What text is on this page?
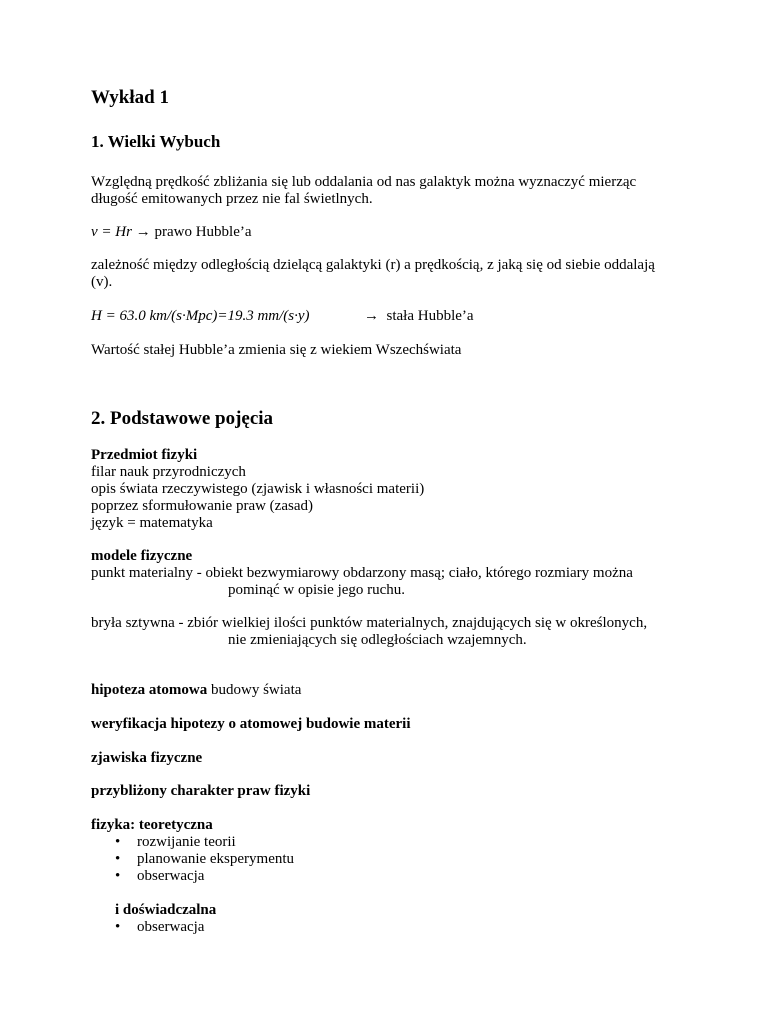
Wykład 1
1. Wielki Wybuch

Względną prędkość zbliżania się lub oddalania od nas galaktyk można wyznaczyć mierząc

długość emitowanych przez nie fal świetlnych.

v = Hr → prawo Hubble’a

zależność między odległością dzielącą galaktyki (r) a prędkością, z jaką się od siebie oddalają

(v).

H = 63.0 km/(s·Mpc)=19.3 mm/(s·y)	→ stała Hubble’a

Wartość stałej Hubble’a zmienia się z wiekiem Wszechświata

2. Podstawowe pojęcia

Przedmiot fizyki

filar nauk przyrodniczych

opis świata rzeczywistego (zjawisk i własności materii)

poprzez sformułowanie praw (zasad)

język = matematyka

modele fizyczne

punkt materialny - obiekt bezwymiarowy obdarzony masą; ciało, którego rozmiary można

pominąć w opisie jego ruchu.

bryła sztywna - zbiór wielkiej ilości punktów materialnych, znajdujących się w określonych,

nie zmieniających się odległościach wzajemnych.

hipoteza atomowa budowy świata

weryfikacja hipotezy o atomowej budowie materii

zjawiska fizyczne

przybliżony charakter praw fizyki

fizyka: teoretyczna

• rozwijanie teorii

• planowanie eksperymentu

• obserwacja

i doświadczalna

• obserwacja
